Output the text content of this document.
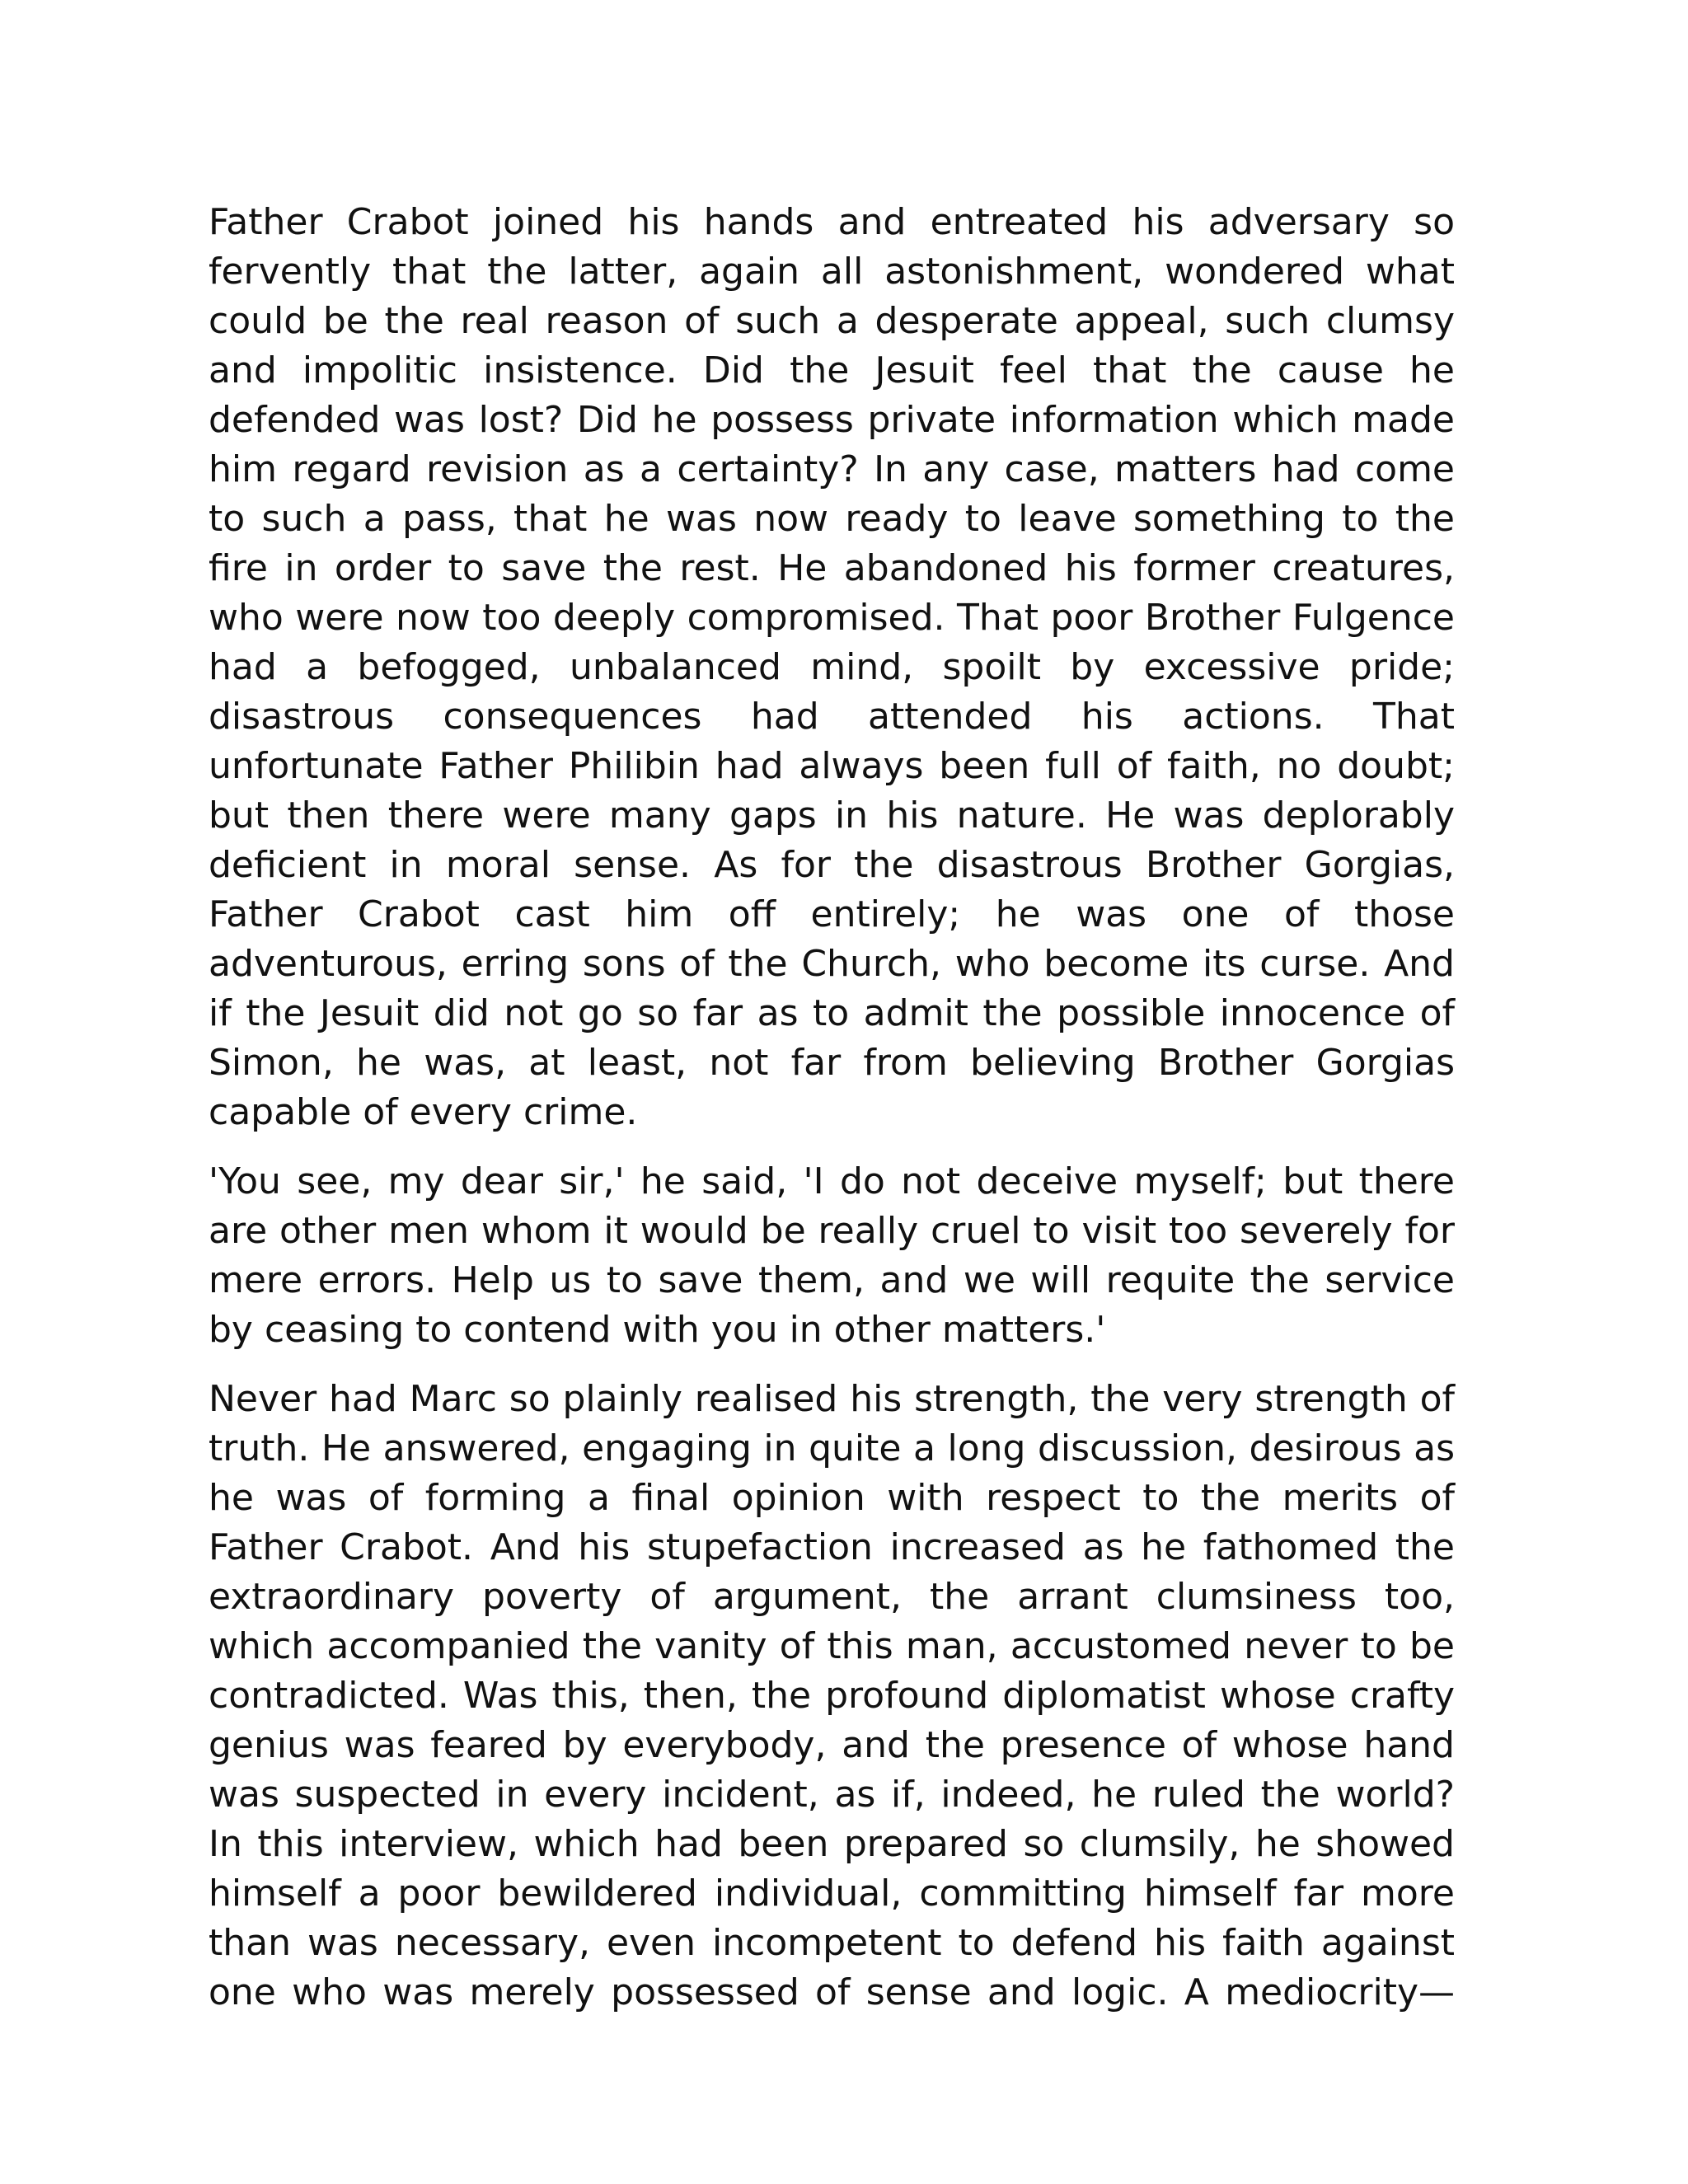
Father Crabot joined his hands and entreated his adversary so fervently that the latter, again all astonishment, wondered what could be the real reason of such a desperate appeal, such clumsy and impolitic insistence. Did the Jesuit feel that the cause he defended was lost? Did he possess private information which made him regard revision as a certainty? In any case, matters had come to such a pass, that he was now ready to leave something to the fire in order to save the rest. He abandoned his former creatures, who were now too deeply compromised. That poor Brother Fulgence had a befogged, unbalanced mind, spoilt by excessive pride; disastrous consequences had attended his actions. That unfortunate Father Philibin had always been full of faith, no doubt; but then there were many gaps in his nature. He was deplorably deficient in moral sense. As for the disastrous Brother Gorgias, Father Crabot cast him off entirely; he was one of those adventurous, erring sons of the Church, who become its curse. And if the Jesuit did not go so far as to admit the possible innocence of Simon, he was, at least, not far from believing Brother Gorgias capable of every crime.

'You see, my dear sir,' he said, 'I do not deceive myself; but there are other men whom it would be really cruel to visit too severely for mere errors. Help us to save them, and we will requite the service by ceasing to contend with you in other matters.'

Never had Marc so plainly realised his strength, the very strength of truth. He answered, engaging in quite a long discussion, desirous as he was of forming a final opinion with respect to the merits of Father Crabot. And his stupefaction increased as he fathomed the extraordinary poverty of argument, the arrant clumsiness too, which accompanied the vanity of this man, accustomed never to be contradicted. Was this, then, the profound diplomatist whose crafty genius was feared by everybody, and the presence of whose hand was suspected in every incident, as if, indeed, he ruled the world? In this interview, which had been prepared so clumsily, he showed himself a poor bewildered individual, committing himself far more than was necessary, even incompetent to defend his faith against one who was merely possessed of sense and logic. A mediocrity—
